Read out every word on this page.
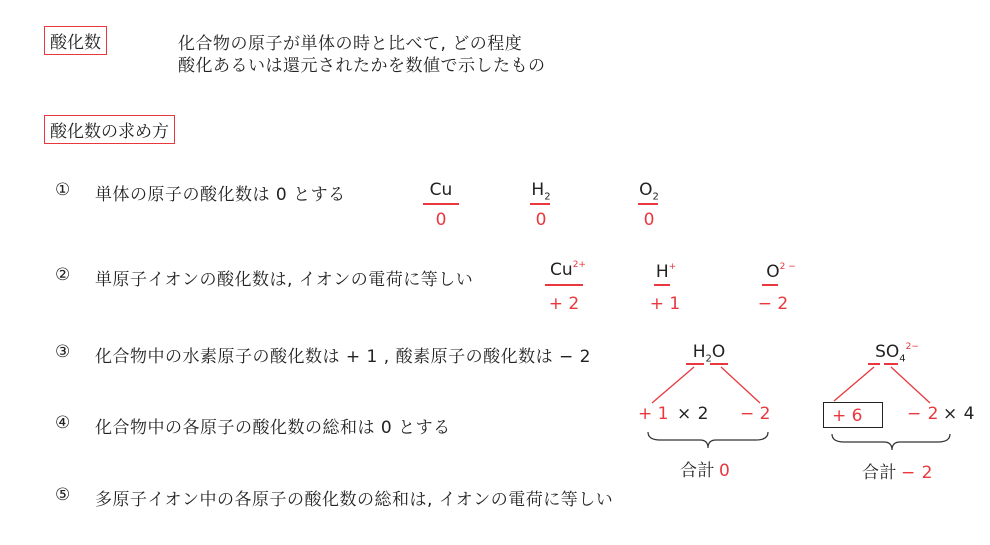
酸化数	化合物の原子が単体の時と比べて, どの程度
酸化あるいは還元されたかを数値で示したもの
酸化数の求め方
① 単体の原子の酸化数は 0 とする
② 単原子イオンの酸化数は, イオンの電荷に等しい
③ 化合物中の水素原子の酸化数は + 1 , 酸素原子の酸化数は − 2
④ 化合物中の各原子の酸化数の総和は 0 とする
⑤ 多原子イオン中の各原子の酸化数の総和は, イオンの電荷に等しい
Cu
0
$H_2$
0
$O_2$
0
$Cu^{2+}$
+ 2
H+
+ 1
$O^{2 -}$
− 2
$H_2O$	$SO_4^{2-}$
+ 1 × 2 − 2
合計 0
+ 6	− 2 × 4
合計 − 2
